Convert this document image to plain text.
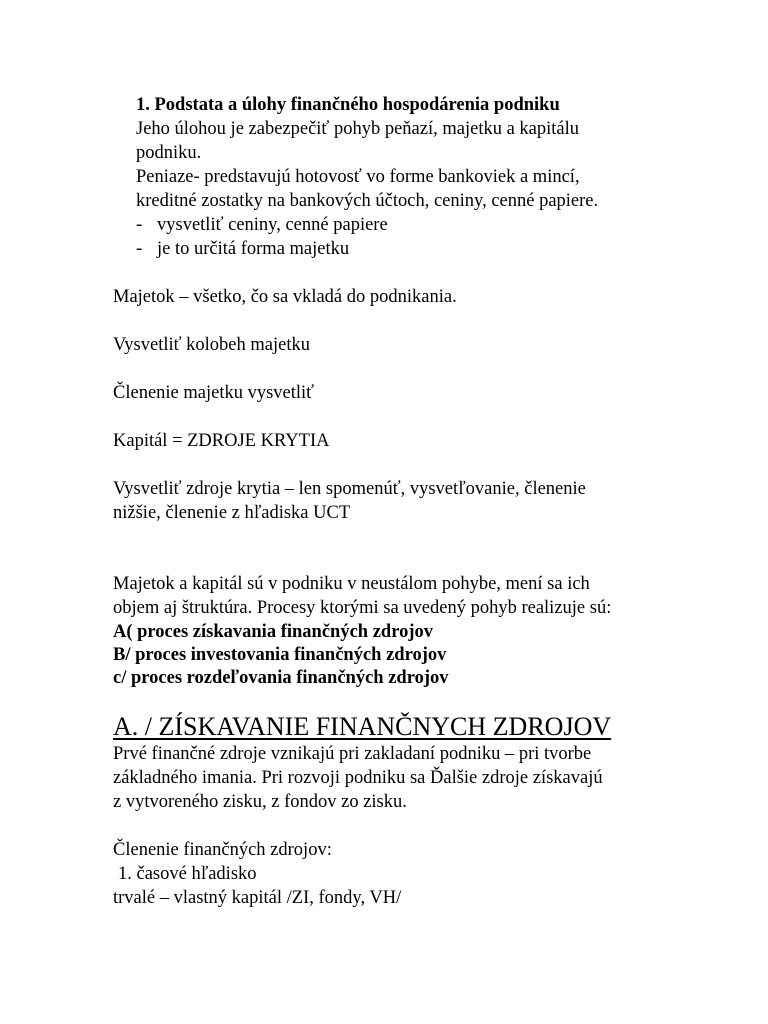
1. Podstata a úlohy finančného hospodárenia podniku
Jeho úlohou je zabezpečiť pohyb peňazí, majetku a kapitálu
podniku.
Peniaze- predstavujú hotovosť vo forme bankoviek a mincí,
kreditné zostatky na bankových účtoch, ceniny, cenné papiere.
- vysvetliť ceniny, cenné papiere
- je to určitá forma majetku
Majetok – všetko, čo sa vkladá do podnikania.
Vysvetliť kolobeh majetku
Členenie majetku vysvetliť
Kapitál = ZDROJE KRYTIA
Vysvetliť zdroje krytia – len spomenúť, vysvetľovanie, členenie
nižšie, členenie z hľadiska UCT
Majetok a kapitál sú v podniku v neustálom pohybe, mení sa ich
objem aj štruktúra. Procesy ktorými sa uvedený pohyb realizuje sú:
A( proces získavania finančných zdrojov
B/ proces investovania finančných zdrojov
c/ proces rozdeľovania finančných zdrojov
A. / ZÍSKAVANIE FINANČNYCH ZDROJOV
Prvé finančné zdroje vznikajú pri zakladaní podniku – pri tvorbe
základného imania. Pri rozvoji podniku sa Ďalšie zdroje získavajú
z vytvoreného zisku, z fondov zo zisku.
Členenie finančných zdrojov:
1. časové hľadisko
trvalé – vlastný kapitál /ZI, fondy, VH/
